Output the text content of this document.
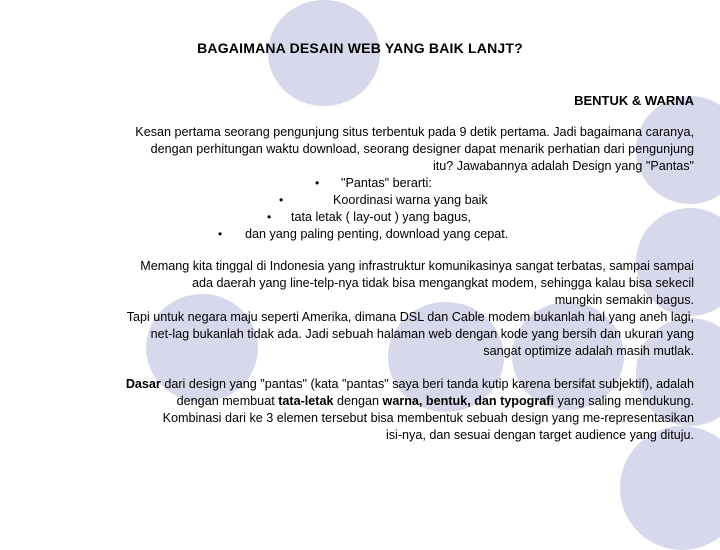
BAGAIMANA DESAIN WEB YANG BAIK LANJT?
BENTUK & WARNA
Kesan pertama seorang pengunjung situs terbentuk pada 9 detik pertama. Jadi bagaimana caranya,
dengan perhitungan waktu download, seorang designer dapat menarik perhatian dari pengunjung
itu? Jawabannya adalah Design yang "Pantas"
• "Pantas" berarti:
•	Koordinasi warna yang baik
• tata letak ( lay-out ) yang bagus,
• dan yang paling penting, download yang cepat.
Memang kita tinggal di Indonesia yang infrastruktur komunikasinya sangat terbatas, sampai sampai
ada daerah yang line-telp-nya tidak bisa mengangkat modem, sehingga kalau bisa sekecil
mungkin semakin bagus.
Tapi untuk negara maju seperti Amerika, dimana DSL dan Cable modem bukanlah hal yang aneh lagi,
net-lag bukanlah tidak ada. Jadi sebuah halaman web dengan kode yang bersih dan ukuran yang
sangat optimize adalah masih mutlak.
Dasar dari design yang "pantas" (kata "pantas" saya beri tanda kutip karena bersifat subjektif), adalah
dengan membuat tata-letak dengan warna, bentuk, dan typografi yang saling mendukung.
Kombinasi dari ke 3 elemen tersebut bisa membentuk sebuah design yang me-representasikan
isi-nya, dan sesuai dengan target audience yang dituju.
